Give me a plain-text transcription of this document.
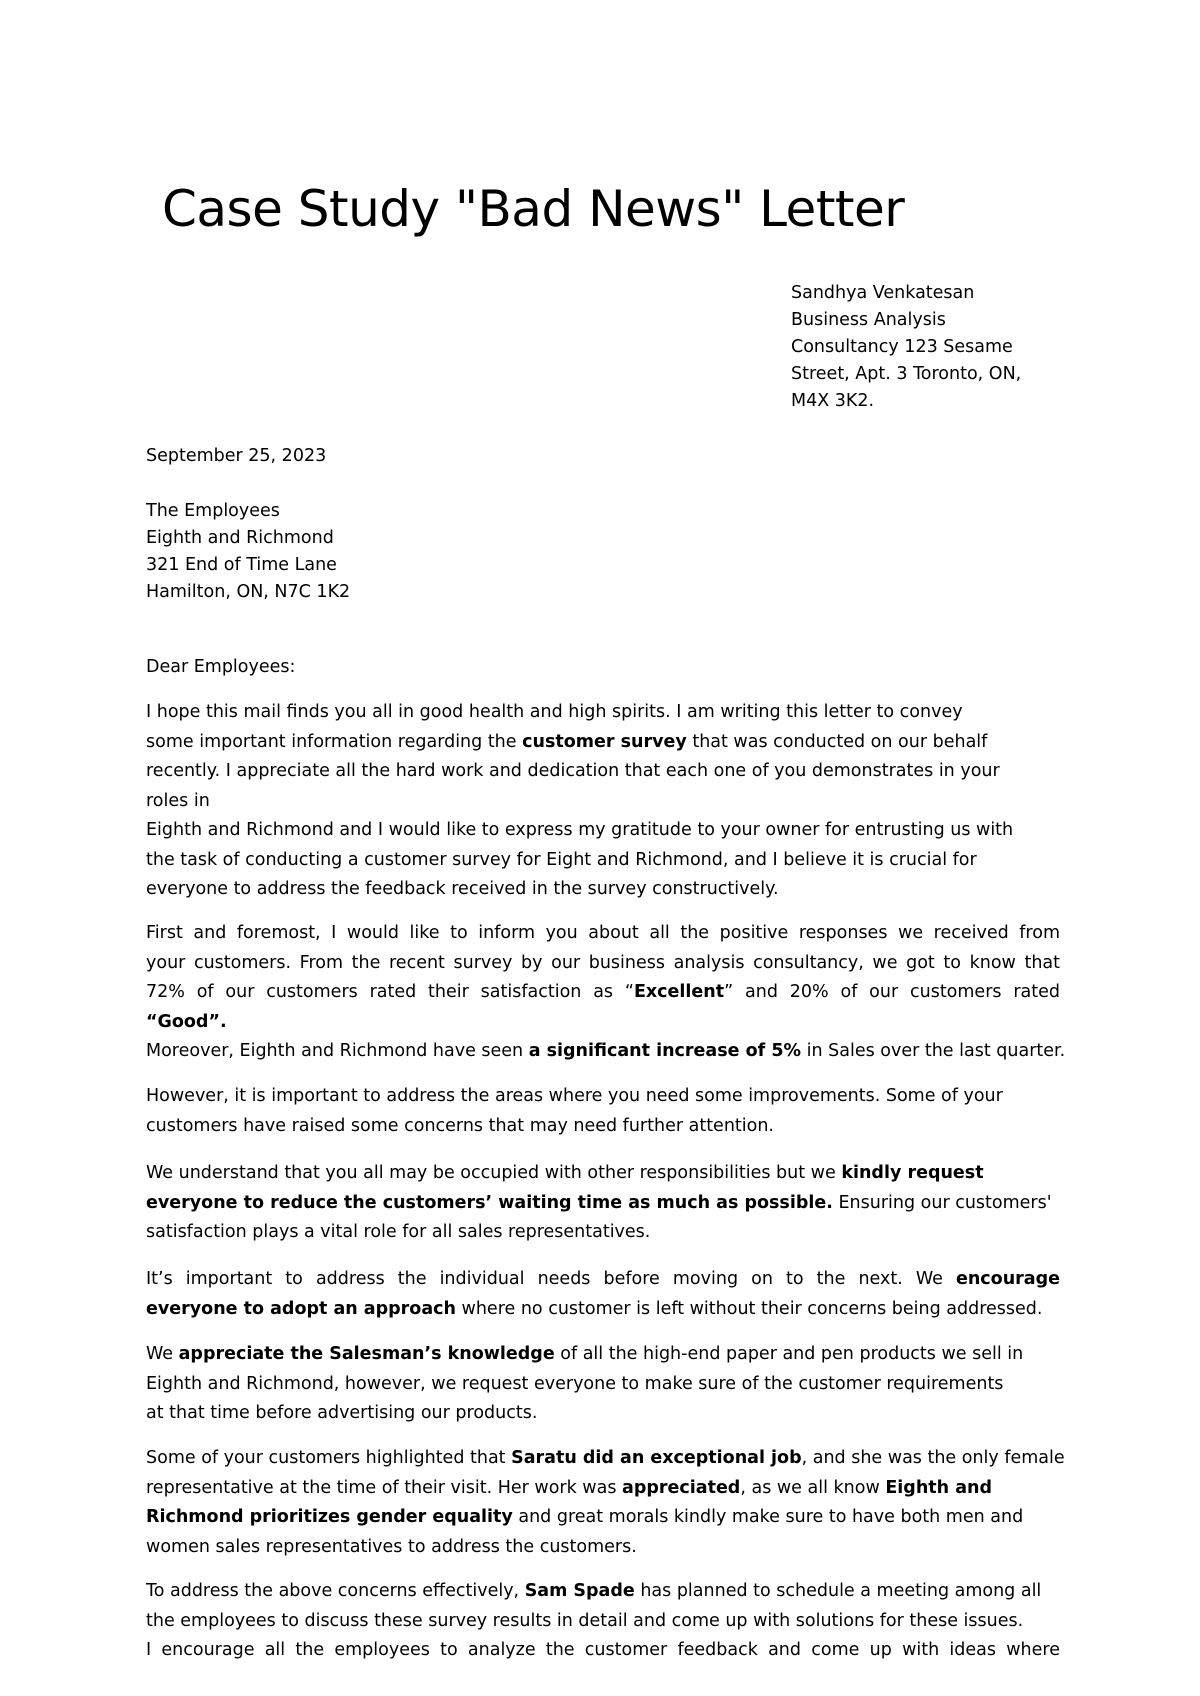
Case Study "Bad News" Letter
Sandhya Venkatesan
Business Analysis
Consultancy 123 Sesame
Street, Apt. 3 Toronto, ON,
M4X 3K2.
September 25, 2023
The Employees
Eighth and Richmond
321 End of Time Lane
Hamilton, ON, N7C 1K2
Dear Employees:
I hope this mail finds you all in good health and high spirits. I am writing this letter to convey
some important information regarding the customer survey that was conducted on our behalf
recently. I appreciate all the hard work and dedication that each one of you demonstrates in your
roles in
Eighth and Richmond and I would like to express my gratitude to your owner for entrusting us with
the task of conducting a customer survey for Eight and Richmond, and I believe it is crucial for
everyone to address the feedback received in the survey constructively.
First and foremost, I would like to inform you about all the positive responses we received from
your customers. From the recent survey by our business analysis consultancy, we got to know that
72% of our customers rated their satisfaction as “Excellent” and 20% of our customers rated
“Good”.
Moreover, Eighth and Richmond have seen a significant increase of 5% in Sales over the last quarter.
However, it is important to address the areas where you need some improvements. Some of your
customers have raised some concerns that may need further attention.
We understand that you all may be occupied with other responsibilities but we kindly request
everyone to reduce the customers’ waiting time as much as possible. Ensuring our customers'
satisfaction plays a vital role for all sales representatives.
It’s important to address the individual needs before moving on to the next. We encourage
everyone to adopt an approach where no customer is left without their concerns being addressed.
We appreciate the Salesman’s knowledge of all the high-end paper and pen products we sell in
Eighth and Richmond, however, we request everyone to make sure of the customer requirements
at that time before advertising our products.
Some of your customers highlighted that Saratu did an exceptional job, and she was the only female
representative at the time of their visit. Her work was appreciated, as we all know Eighth and
Richmond prioritizes gender equality and great morals kindly make sure to have both men and
women sales representatives to address the customers.
To address the above concerns effectively, Sam Spade has planned to schedule a meeting among all
the employees to discuss these survey results in detail and come up with solutions for these issues.
I encourage all the employees to analyze the customer feedback and come up with ideas where
